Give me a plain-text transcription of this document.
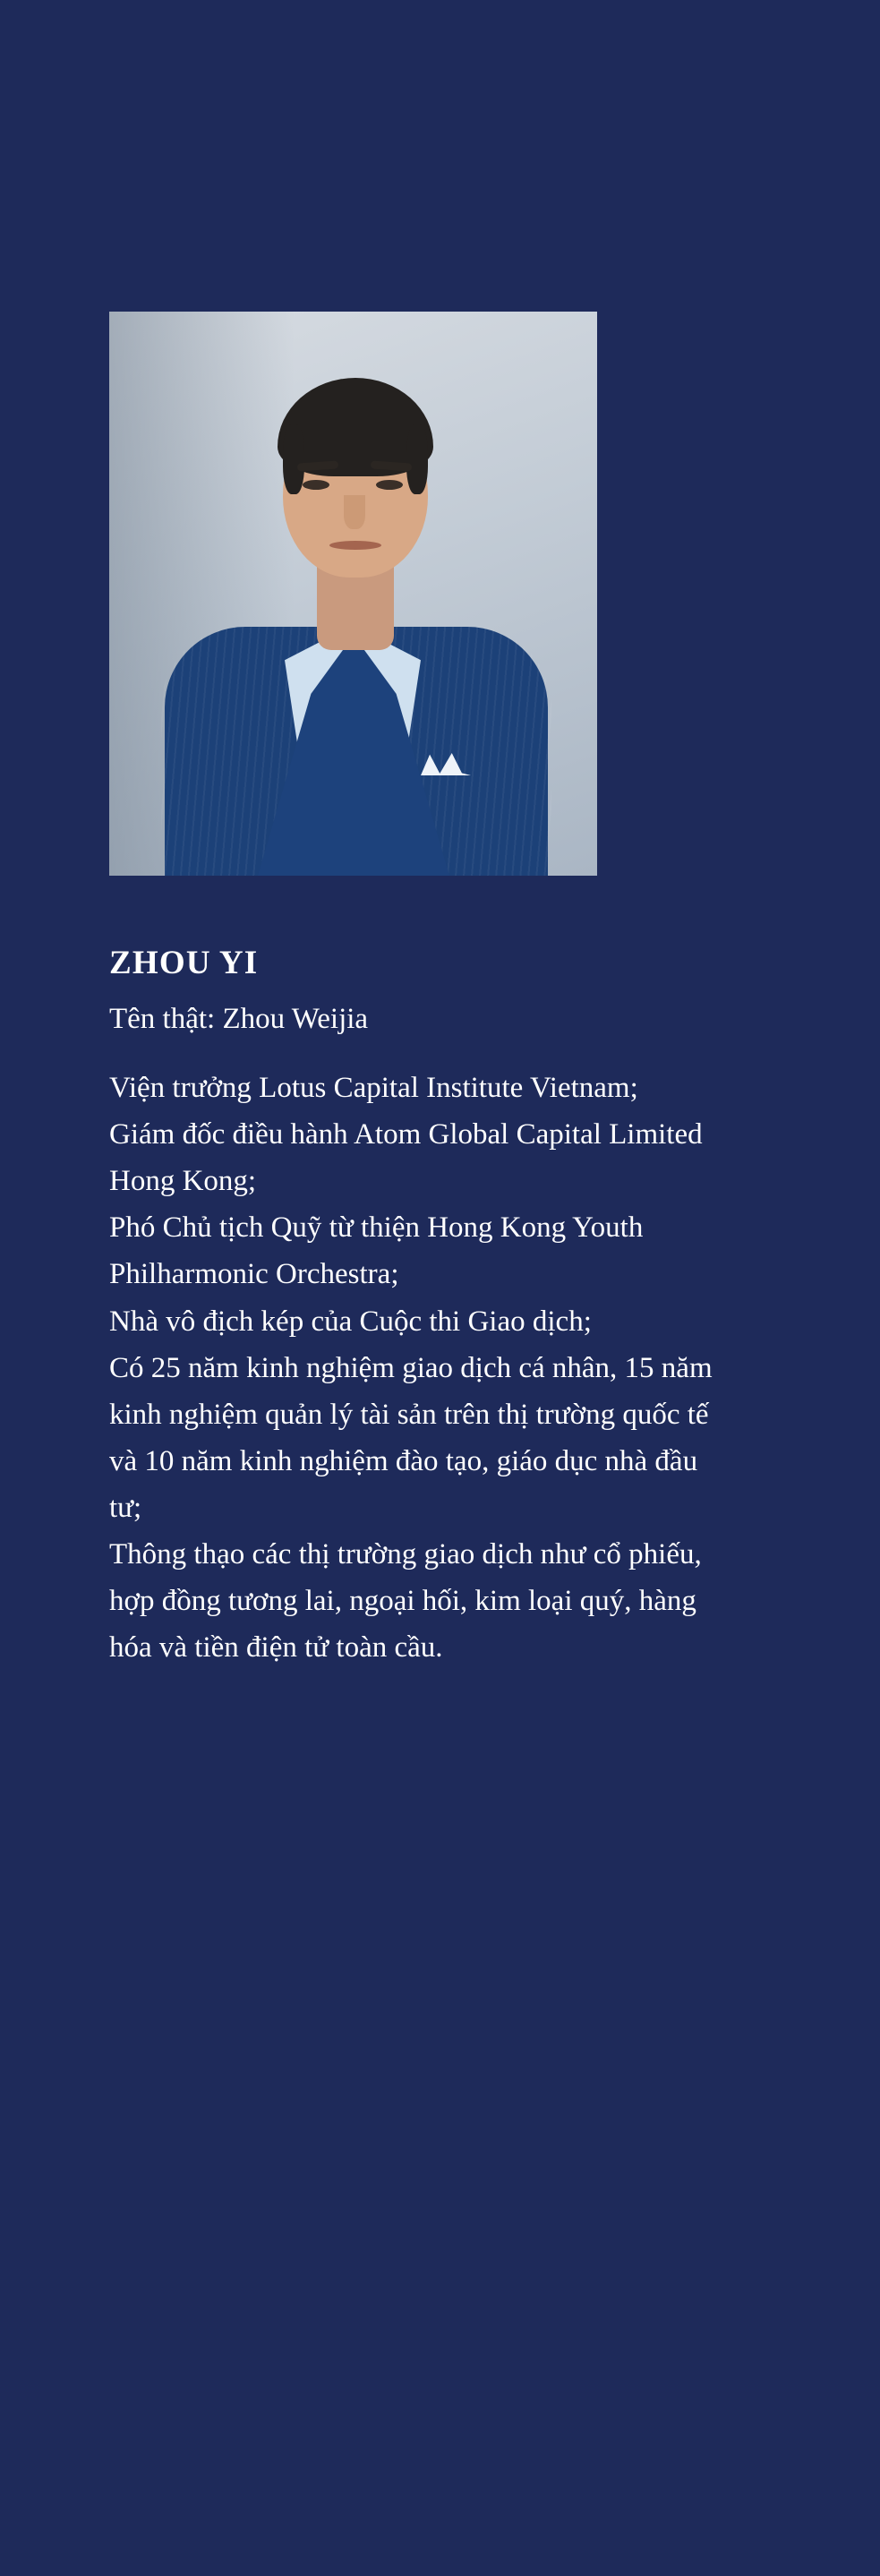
ZHOU YI
Tên thật: Zhou Weijia

Viện trưởng Lotus Capital Institute Vietnam;

Giám đốc điều hành Atom Global Capital Limited Hong Kong;

Phó Chủ tịch Quỹ từ thiện Hong Kong Youth Philharmonic Orchestra;

Nhà vô địch kép của Cuộc thi Giao dịch;

Có 25 năm kinh nghiệm giao dịch cá nhân, 15 năm kinh nghiệm quản lý tài sản trên thị trường quốc tế và 10 năm kinh nghiệm đào tạo, giáo dục nhà đầu tư;

Thông thạo các thị trường giao dịch như cổ phiếu, hợp đồng tương lai, ngoại hối, kim loại quý, hàng hóa và tiền điện tử toàn cầu.
